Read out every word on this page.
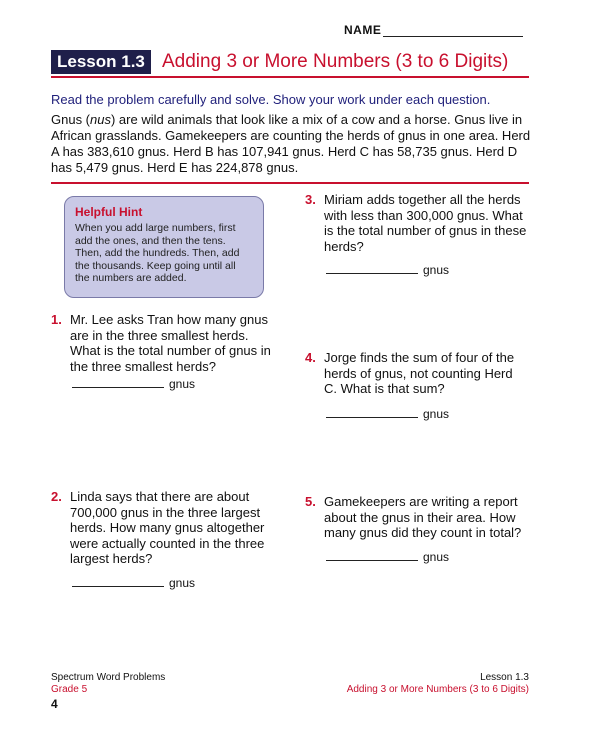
NAME
Lesson 1.3 Adding 3 or More Numbers (3 to 6 Digits)
Read the problem carefully and solve. Show your work under each question.
Gnus (nus) are wild animals that look like a mix of a cow and a horse. Gnus live in African grasslands. Gamekeepers are counting the herds of gnus in one area. Herd A has 383,610 gnus. Herd B has 107,941 gnus. Herd C has 58,735 gnus. Herd D has 5,479 gnus. Herd E has 224,878 gnus.
Helpful Hint
When you add large numbers, first add the ones, and then the tens. Then, add the hundreds. Then, add the thousands. Keep going until all the numbers are added.
1. Mr. Lee asks Tran how many gnus are in the three smallest herds. What is the total number of gnus in the three smallest herds?
gnus
2. Linda says that there are about 700,000 gnus in the three largest herds. How many gnus altogether were actually counted in the three largest herds?
gnus
3. Miriam adds together all the herds with less than 300,000 gnus. What is the total number of gnus in these herds?
gnus
4. Jorge finds the sum of four of the herds of gnus, not counting Herd C. What is that sum?
gnus
5. Gamekeepers are writing a report about the gnus in their area. How many gnus did they count in total?
gnus
Spectrum Word Problems
Grade 5
Lesson 1.3
Adding 3 or More Numbers (3 to 6 Digits)
4
